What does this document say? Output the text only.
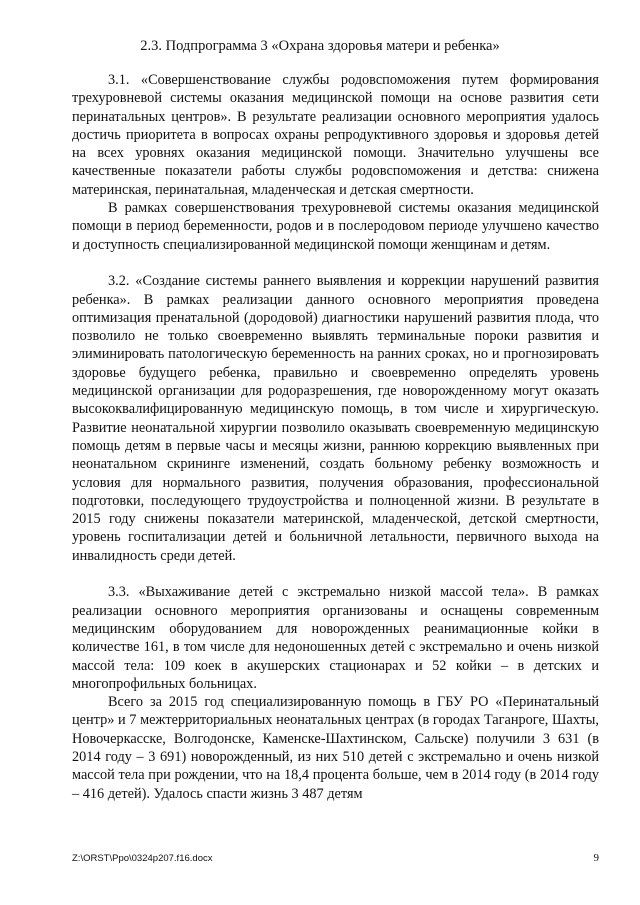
2.3. Подпрограмма 3 «Охрана здоровья матери и ребенка»

3.1. «Совершенствование службы родовспоможения путем формирования трехуровневой системы оказания медицинской помощи на основе развития сети перинатальных центров». В результате реализации основного мероприятия удалось достичь приоритета в вопросах охраны репродуктивного здоровья и здоровья детей на всех уровнях оказания медицинской помощи. Значительно улучшены все качественные показатели работы службы родовспоможения и детства: снижена материнская, перинатальная, младенческая и детская смертности.

В рамках совершенствования трехуровневой системы оказания медицинской помощи в период беременности, родов и в послеродовом периоде улучшено качество и доступность специализированной медицинской помощи женщинам и детям.

3.2. «Создание системы раннего выявления и коррекции нарушений развития ребенка». В рамках реализации данного основного мероприятия проведена оптимизация пренатальной (дородовой) диагностики нарушений развития плода, что позволило не только своевременно выявлять терминальные пороки развития и элиминировать патологическую беременность на ранних сроках, но и прогнозировать здоровье будущего ребенка, правильно и своевременно определять уровень медицинской организации для родоразрешения, где новорожденному могут оказать высококвалифицированную медицинскую помощь, в том числе и хирургическую. Развитие неонатальной хирургии позволило оказывать своевременную медицинскую помощь детям в первые часы и месяцы жизни, раннюю коррекцию выявленных при неонатальном скрининге изменений, создать больному ребенку возможность и условия для нормального развития, получения образования, профессиональной подготовки, последующего трудоустройства и полноценной жизни. В результате в 2015 году снижены показатели материнской, младенческой, детской смертности, уровень госпитализации детей и больничной летальности, первичного выхода на инвалидность среди детей.

3.3. «Выхаживание детей с экстремально низкой массой тела». В рамках реализации основного мероприятия организованы и оснащены современным медицинским оборудованием для новорожденных реанимационные койки в количестве 161, в том числе для недоношенных детей с экстремально и очень низкой массой тела: 109 коек в акушерских стационарах и 52 койки – в детских и многопрофильных больницах.

Всего за 2015 год специализированную помощь в ГБУ РО «Перинатальный центр» и 7 межтерриториальных неонатальных центрах (в городах Таганроге, Шахты, Новочеркасске, Волгодонске, Каменске-Шахтинском, Сальске) получили 3 631 (в 2014 году – 3 691) новорожденный, из них 510 детей с экстремально и очень низкой массой тела при рождении, что на 18,4 процента больше, чем в 2014 году (в 2014 году – 416 детей). Удалось спасти жизнь 3 487 детям

Z:\ORST\Ppo\0324p207.f16.docx	9
